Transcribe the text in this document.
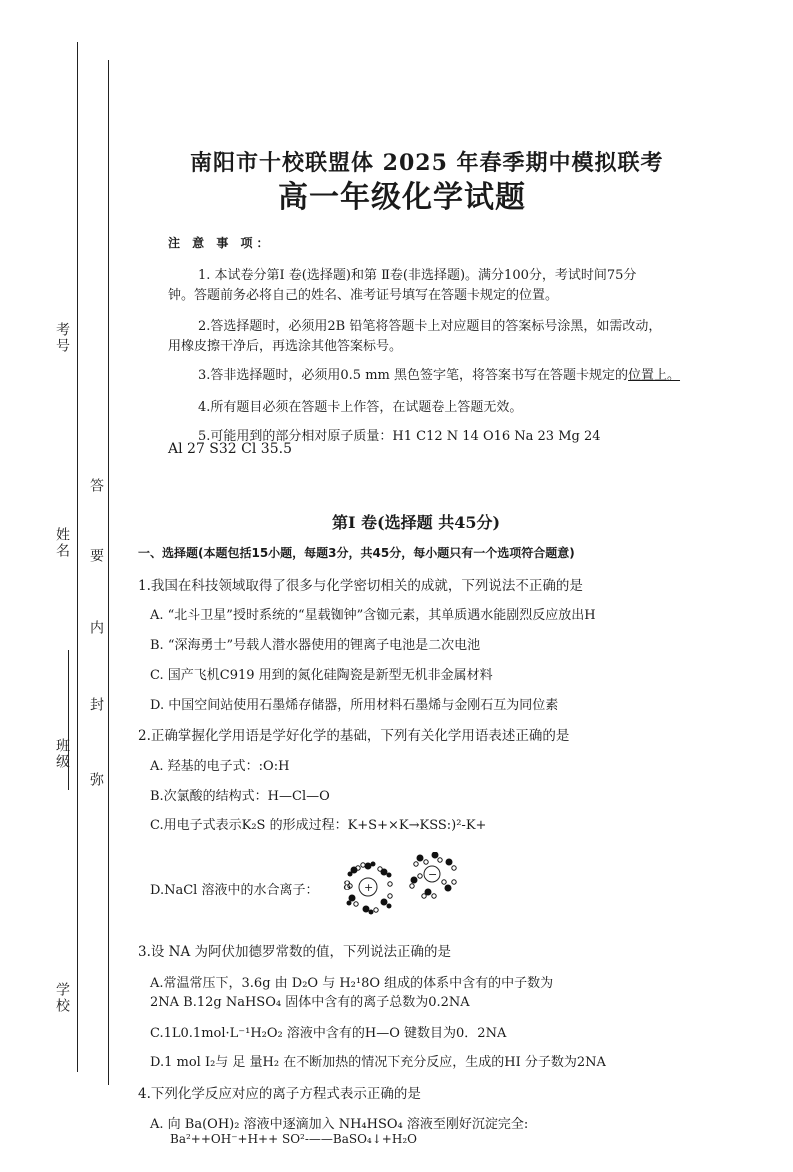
考号
姓名
班级
学校
答
要
内
封
弥
南阳市十校联盟体 2025 年春季期中模拟联考
高一年级化学试题
注 意 事 项：
1. 本试卷分第Ⅰ 卷(选择题)和第 Ⅱ卷(非选择题)。满分100分，考试时间75分
钟。答题前务必将自己的姓名、准考证号填写在答题卡规定的位置。
2.答选择题时，必须用2B 铅笔将答题卡上对应题目的答案标号涂黑，如需改动，
用橡皮擦干净后，再选涂其他答案标号。
3.答非选择题时，必须用0.5 mm 黑色签字笔，将答案书写在答题卡规定的位置上。
4.所有题目必须在答题卡上作答，在试题卷上答题无效。
5.可能用到的部分相对原子质量：H1 C12 N 14 O16 Na 23 Mg 24
Al 27 S32 Cl 35.5
第Ⅰ 卷(选择题 共45分)
一、选择题(本题包括15小题，每题3分，共45分，每小题只有一个选项符合题意)
1.我国在科技领域取得了很多与化学密切相关的成就，下列说法不正确的是
A. “北斗卫星”授时系统的“星载铷钟”含铷元素，其单质遇水能剧烈反应放出H
B. “深海勇士”号载人潜水器使用的锂离子电池是二次电池
C. 国产飞机C919 用到的氮化硅陶瓷是新型无机非金属材料
D. 中国空间站使用石墨烯存储器，所用材料石墨烯与金刚石互为同位素
2.正确掌握化学用语是学好化学的基础，下列有关化学用语表述正确的是
A. 羟基的电子式：:O:H
B.次氯酸的结构式：H—Cl—O
C.用电子式表示K₂S 的形成过程：K+S+×K→KSS:)²-K+
D.NaCl 溶液中的水合离子： 8 +
−
3.设 NA 为阿伏加德罗常数的值，下列说法正确的是
A.常温常压下，3.6g 由 D₂O 与 H₂¹8O 组成的体系中含有的中子数为
2NA B.12g NaHSO₄ 固体中含有的离子总数为0.2NA
C.1L0.1mol·L⁻¹H₂O₂ 溶液中含有的H—O 键数目为0．2NA
D.1 mol I₂与 足 量H₂ 在不断加热的情况下充分反应，生成的HI 分子数为2NA
4.下列化学反应对应的离子方程式表示正确的是
A. 向 Ba(OH)₂ 溶液中逐滴加入 NH₄HSO₄ 溶液至刚好沉淀完全:
Ba²++OH⁻+H++ SO²-——BaSO₄↓+H₂O
